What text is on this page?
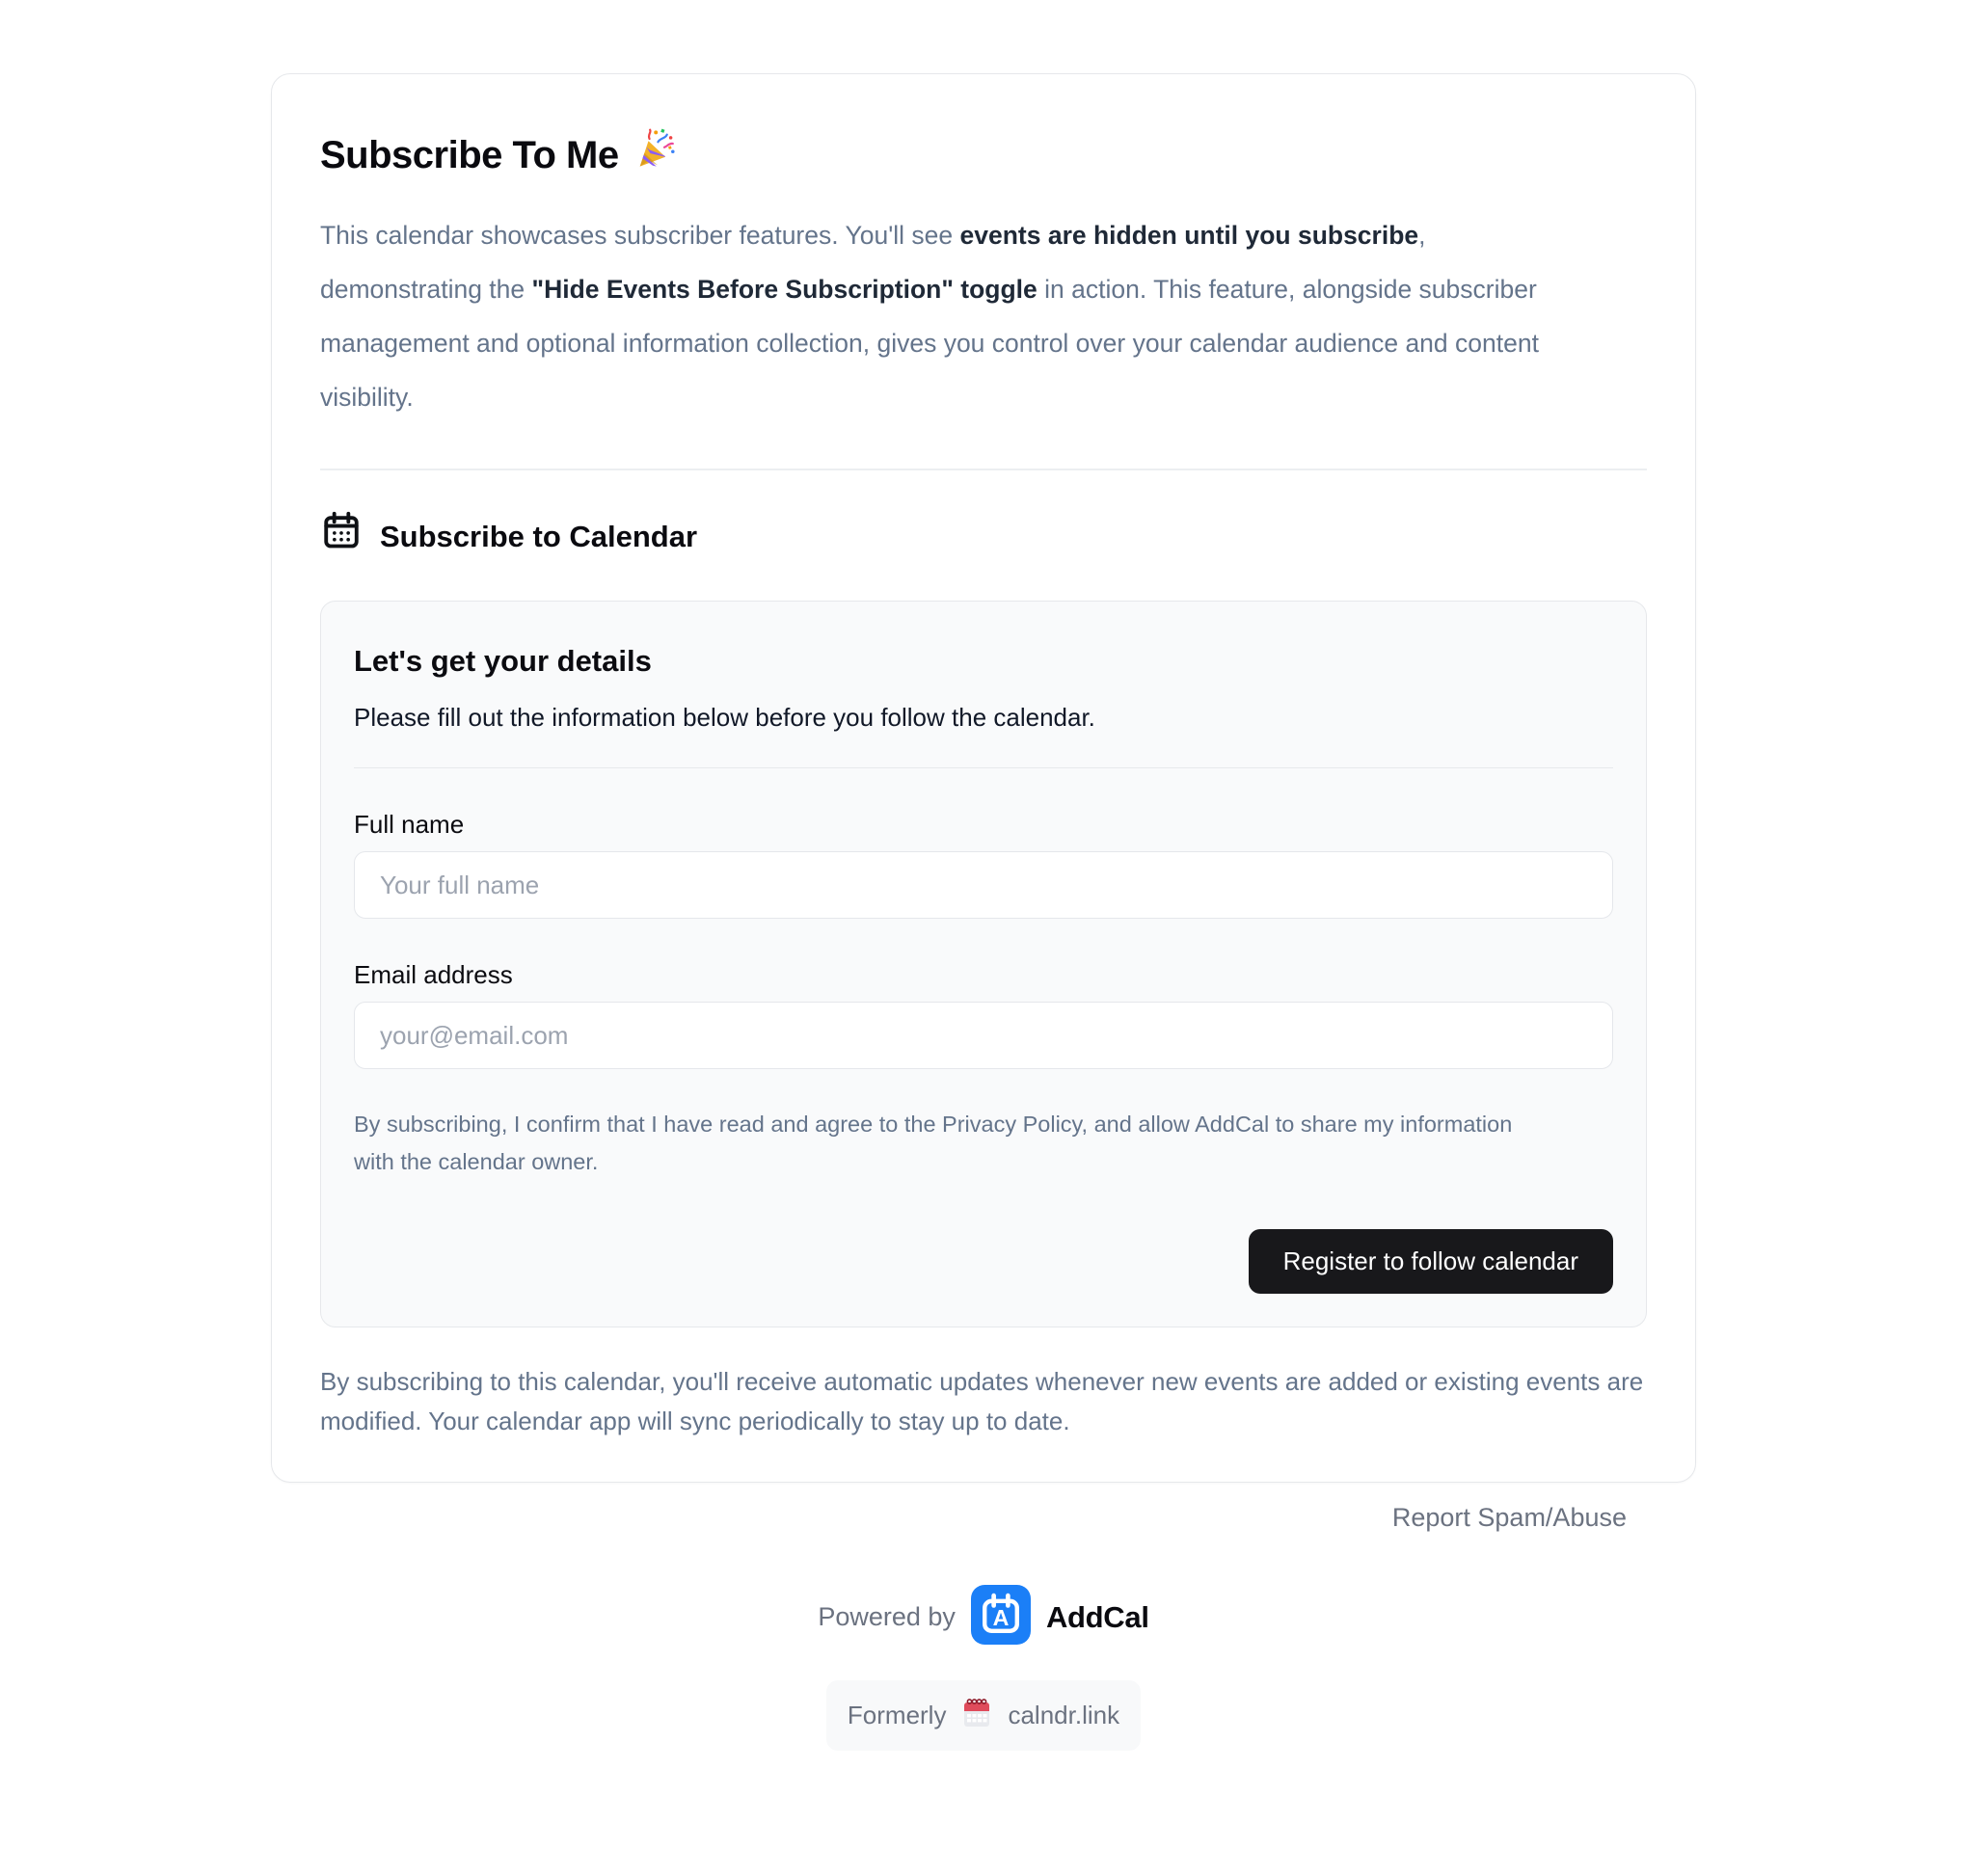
Subscribe To Me

This calendar showcases subscriber features. You'll see events are hidden until you subscribe, demonstrating the "Hide Events Before Subscription" toggle in action. This feature, alongside subscriber management and optional information collection, gives you control over your calendar audience and content visibility.

Subscribe to Calendar
Let's get your details
Please fill out the information below before you follow the calendar.
Full name
Your full name
Email address
your@email.com

By subscribing, I confirm that I have read and agree to the Privacy Policy, and allow AddCal to share my information with the calendar owner.

Register to follow calendar

By subscribing to this calendar, you'll receive automatic updates whenever new events are added or existing events are modified. Your calendar app will sync periodically to stay up to date.

Report Spam/Abuse
Powered by A AddCal
Formerly calndr.link
